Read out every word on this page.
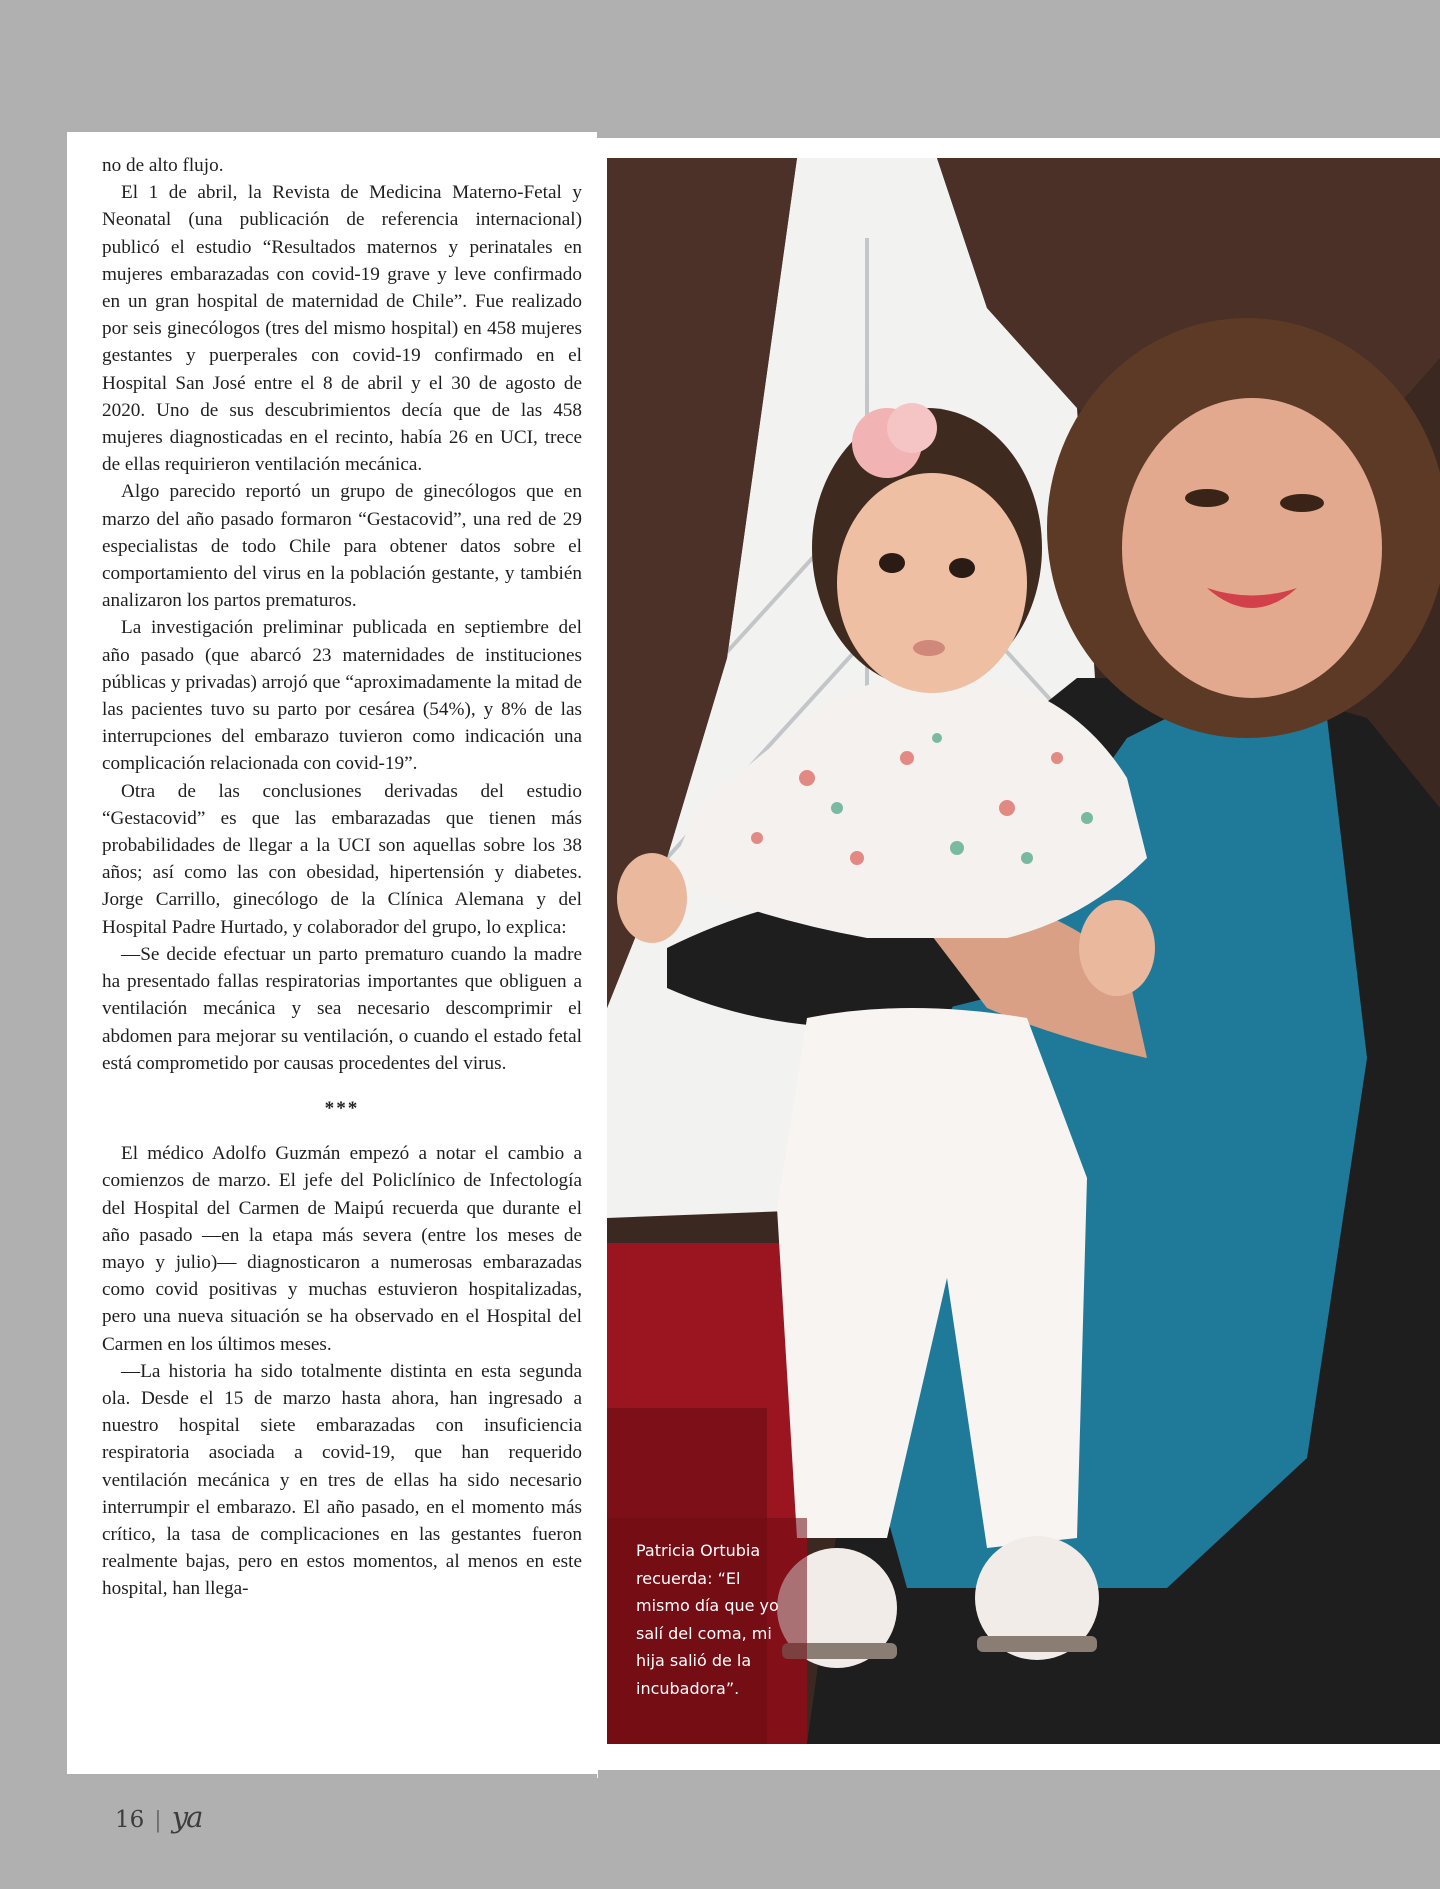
no de alto flujo.

El 1 de abril, la Revista de Medicina Materno-Fetal y Neonatal (una publicación de referencia internacional) publicó el estudio “Resultados maternos y perinatales en mujeres embarazadas con covid-19 grave y leve confirmado en un gran hospital de maternidad de Chile”. Fue realizado por seis ginecólogos (tres del mismo hospital) en 458 mujeres gestantes y puerperales con covid-19 confirmado en el Hospital San José entre el 8 de abril y el 30 de agosto de 2020. Uno de sus descubrimientos decía que de las 458 mujeres diagnosticadas en el recinto, había 26 en UCI, trece de ellas requirieron ventilación mecánica.

Algo parecido reportó un grupo de ginecólogos que en marzo del año pasado formaron “Gestacovid”, una red de 29 especialistas de todo Chile para obtener datos sobre el comportamiento del virus en la población gestante, y también analizaron los partos prematuros.

La investigación preliminar publicada en septiembre del año pasado (que abarcó 23 maternidades de instituciones públicas y privadas) arrojó que “aproximadamente la mitad de las pacientes tuvo su parto por cesárea (54%), y 8% de las interrupciones del embarazo tuvieron como indicación una complicación relacionada con covid-19”.

Otra de las conclusiones derivadas del estudio “Gestacovid” es que las embarazadas que tienen más probabilidades de llegar a la UCI son aquellas sobre los 38 años; así como las con obesidad, hipertensión y diabetes. Jorge Carrillo, ginecólogo de la Clínica Alemana y del Hospital Padre Hurtado, y colaborador del grupo, lo explica:

—Se decide efectuar un parto prematuro cuando la madre ha presentado fallas respiratorias importantes que obliguen a ventilación mecánica y sea necesario descomprimir el abdomen para mejorar su ventilación, o cuando el estado fetal está comprometido por causas procedentes del virus.

***

El médico Adolfo Guzmán empezó a notar el cambio a comienzos de marzo. El jefe del Policlínico de Infectología del Hospital del Carmen de Maipú recuerda que durante el año pasado —en la etapa más severa (entre los meses de mayo y julio)— diagnosticaron a numerosas embarazadas como covid positivas y muchas estuvieron hospitalizadas, pero una nueva situación se ha observado en el Hospital del Carmen en los últimos meses.

—La historia ha sido totalmente distinta en esta segunda ola. Desde el 15 de marzo hasta ahora, han ingresado a nuestro hospital siete embarazadas con insuficiencia respiratoria asociada a covid-19, que han requerido ventilación mecánica y en tres de ellas ha sido necesario interrumpir el embarazo. El año pasado, en el momento más crítico, la tasa de complicaciones en las gestantes fueron realmente bajas, pero en estos momentos, al menos en este hospital, han llega-

Patricia Ortubia recuerda: “El mismo día que yo salí del coma, mi hija salió de la incubadora”.
16 | ya
